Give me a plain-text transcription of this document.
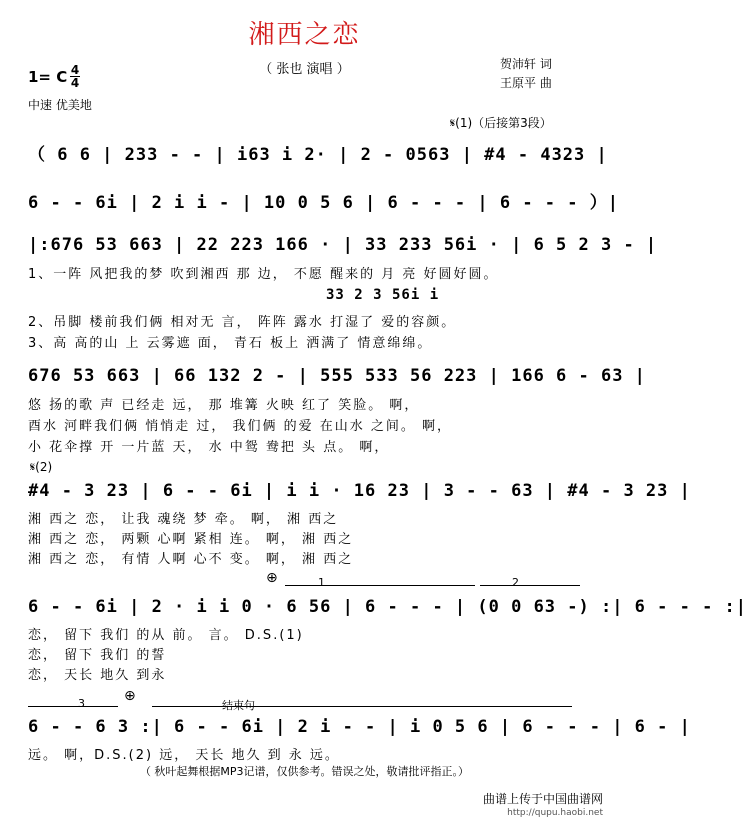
湘西之恋
（ 张也 演唱 ）	贺沛轩 词
王原平 曲
1= C 4
4
中速 优美地
𝄋(1)（后接第3段）
（ 6 6 | 233 - - | i63 i 2· | 2 - 0563 | #4 - 4323 |
6 - - 6i | 2 i i - | 10 0 5 6 | 6 - - - | 6 - - - ）|
|:676 53 663 | 22 223 166 · | 33 233 56i · | 6 5 2 3 - |
1、一阵 风把我的梦 吹到湘西 那 边， 不愿 醒来的 月 亮 好圆好圆。
33 2 3 56i i
2、吊脚 楼前我们俩 相对无 言， 阵阵 露水 打湿了 爱的容颜。
3、高 高的山 上 云雾遮 面， 青石 板上 洒满了 情意绵绵。
676 53 663 | 66 132 2 - | 555 533 56 223 | 166 6 - 63 |
悠 扬的歌 声 已经走 远， 那 堆篝 火映 红了 笑脸。 啊，
酉水 河畔我们俩 悄悄走 过， 我们俩 的爱 在山水 之间。 啊，
小 花伞撑 开 一片蓝 天， 水 中鸳 鸯把 头 点。 啊，
𝄋(2)
#4 - 3 23 | 6 - - 6i | i i · 16 23 | 3 - - 63 | #4 - 3 23 |
湘 西之 恋， 让我 魂绕 梦 牵。 啊， 湘 西之
湘 西之 恋， 两颗 心啊 紧相 连。 啊， 湘 西之
湘 西之 恋， 有情 人啊 心不 变。 啊， 湘 西之
⊕	1	2
6 - - 6i | 2 · i i 0 · 6 56 | 6 - - - | (0 0 63 -) :| 6 - - - :|
恋， 留下 我们 的从 前。 言。 D.S.(1)
恋， 留下 我们 的誓
恋， 天长 地久 到永
3	⊕
结束句
6 - - 6 3 :| 6 - - 6i | 2 i - - | i 0 5 6 | 6 - - - | 6 - |
远。 啊，D.S.(2) 远， 天长 地久 到 永 远。
（ 秋叶起舞根据MP3记谱，仅供参考。错误之处，敬请批评指正。）
曲谱上传于中国曲谱网
http://qupu.haobi.net
